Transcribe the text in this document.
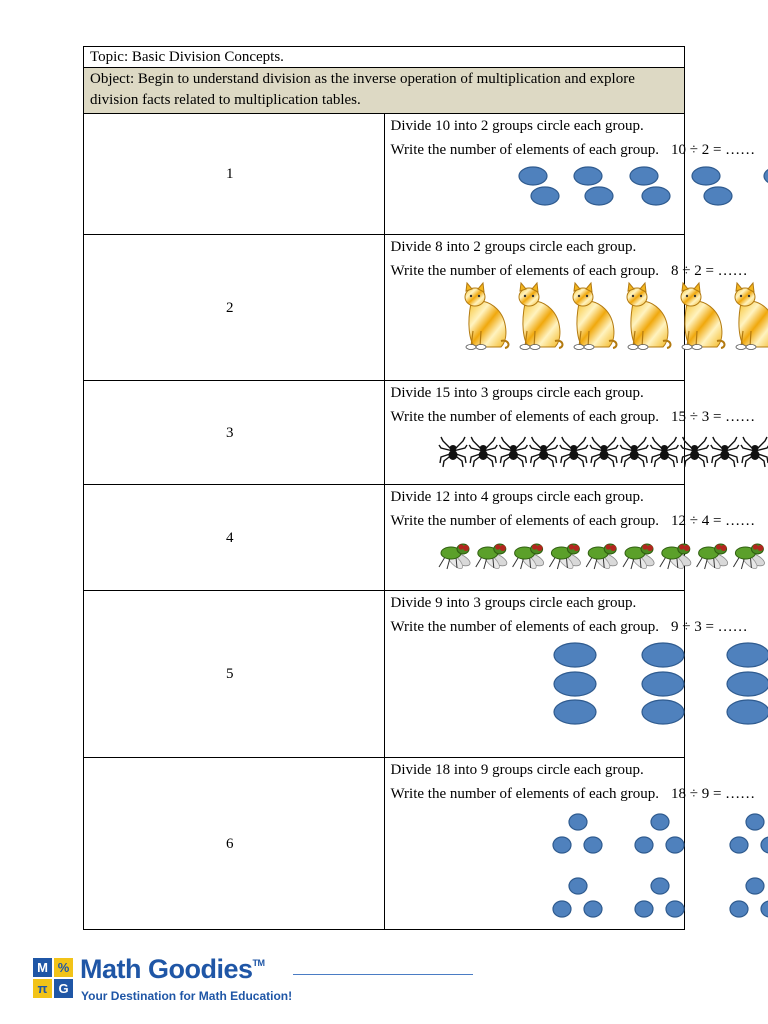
Topic: Basic Division Concepts.	
Object: Begin to understand division as the inverse operation of multiplication and explore division facts related to multiplication tables.	
1	Divide 10 into 2 groups circle each group.
Write the number of elements of each group. 10 ÷ 2 = ……

2	Divide 8 into 2 groups circle each group.
Write the number of elements of each group. 8 ÷ 2 = ……

3	Divide 15 into 3 groups circle each group.
Write the number of elements of each group. 15 ÷ 3 = ……

4	Divide 12 into 4 groups circle each group.
Write the number of elements of each group. 12 ÷ 4 = ……

5	Divide 9 into 3 groups circle each group.
Write the number of elements of each group. 9 ÷ 3 = ……

6	Divide 18 into 9 groups circle each group.
Write the number of elements of each group. 18 ÷ 9 = ……
M %
π G
Math Goodies™
Your Destination for Math Education!
